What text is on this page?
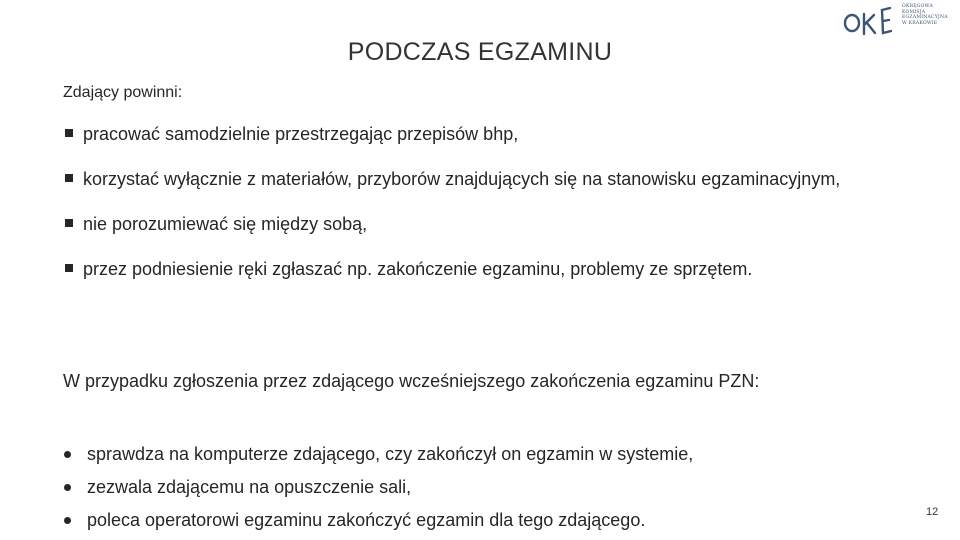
OKRĘGOWA
KOMISJA
EGZAMINACYJNA
W KRAKOWIE
PODCZAS EGZAMINU
Zdający powinni:
pracować samodzielnie przestrzegając przepisów bhp,
korzystać wyłącznie z materiałów, przyborów znajdujących się na stanowisku egzaminacyjnym,
nie porozumiewać się między sobą,
przez podniesienie ręki zgłaszać np. zakończenie egzaminu, problemy ze sprzętem.
W przypadku zgłoszenia przez zdającego wcześniejszego zakończenia egzaminu PZN:
sprawdza na komputerze zdającego, czy zakończył on egzamin w systemie,
zezwala zdającemu na opuszczenie sali,
poleca operatorowi egzaminu zakończyć egzamin dla tego zdającego.	12
